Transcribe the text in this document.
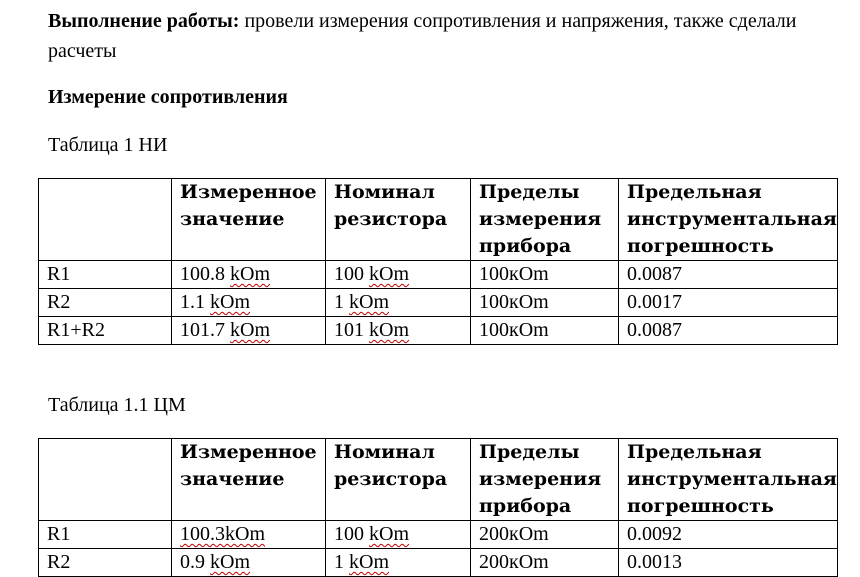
Выполнение работы: провели измерения сопротивления и напряжения, также сделали расчеты

Измерение сопротивления

Таблица 1 НИ

	Измеренное значение	Номинал резистора	Пределы измерения прибора	Предельная инструментальная погрешность
R1	100.8 kOm	100 kOm	100кОm	0.0087
R2	1.1 kOm	1 kOm	100кОm	0.0017
R1+R2	101.7 kOm	101 kOm	100кОm	0.0087

Таблица 1.1 ЦМ

	Измеренное значение	Номинал резистора	Пределы измерения прибора	Предельная инструментальная погрешность
R1	100.3kOm	100 kOm	200кОm	0.0092
R2	0.9 kOm	1 kOm	200кОm	0.0013
